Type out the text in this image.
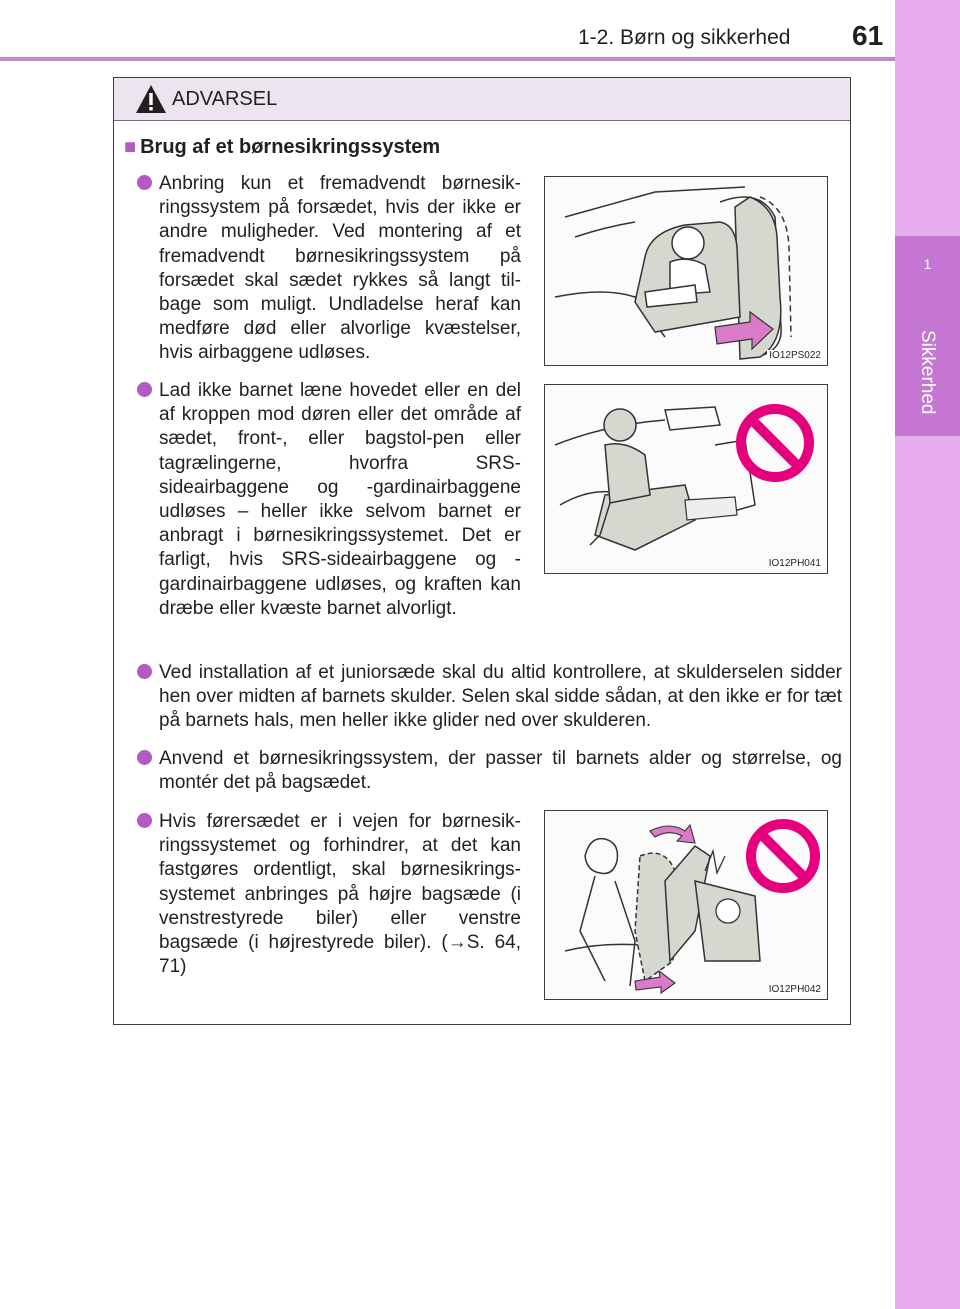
1-2. Børn og sikkerhed 61
1
Sikkerhed
ADVARSEL
■ Brug af et børnesikringssystem
Anbring kun et fremadvendt børnesik-ringssystem på forsædet, hvis der ikke er andre muligheder. Ved montering af et fremadvendt børnesikringssystem på forsædet skal sædet rykkes så langt til-bage som muligt. Undladelse heraf kan medføre død eller alvorlige kvæstelser, hvis airbaggene udløses.	IO12PS022
Lad ikke barnet læne hovedet eller en del af kroppen mod døren eller det område af sædet, front-, eller bagstol-pen eller tagrælingerne, hvorfra SRS-sideairbaggene og -gardinairbaggene udløses – heller ikke selvom barnet er anbragt i børnesikringssystemet. Det er farligt, hvis SRS-sideairbaggene og -gardinairbaggene udløses, og kraften kan dræbe eller kvæste barnet alvorligt.
IO12PH041
Ved installation af et juniorsæde skal du altid kontrollere, at skulderselen sidder hen over midten af barnets skulder. Selen skal sidde sådan, at den ikke er for tæt på barnets hals, men heller ikke glider ned over skulderen.
Anvend et børnesikringssystem, der passer til barnets alder og størrelse, og montér det på bagsædet.
Hvis førersædet er i vejen for børnesik-ringssystemet og forhindrer, at det kan fastgøres ordentligt, skal børnesikrings-systemet anbringes på højre bagsæde (i venstrestyrede biler) eller venstre bagsæde (i højrestyrede biler). (→S. 64, 71)
IO12PH042
